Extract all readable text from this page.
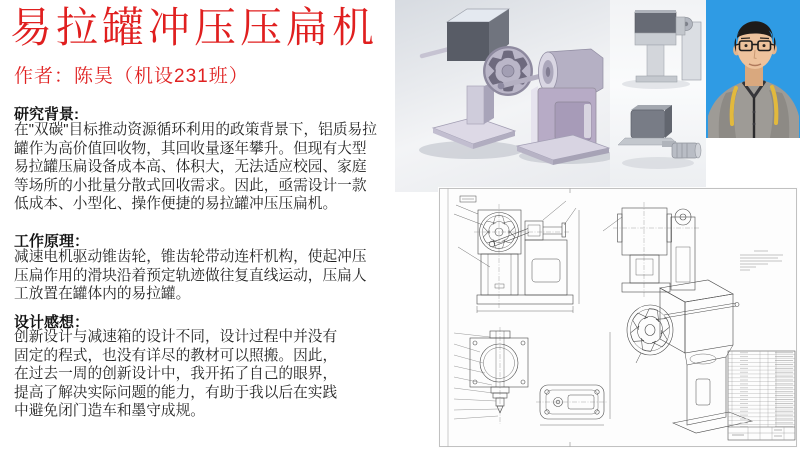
易拉罐冲压压扁机
作者：陈昊（机设231班）
研究背景:
在"双碳"目标推动资源循环利用的政策背景下，铝质易拉
罐作为高价值回收物，其回收量逐年攀升。但现有大型
易拉罐压扁设备成本高、体积大，无法适应校园、家庭
等场所的小批量分散式回收需求。因此，亟需设计一款
低成本、小型化、操作便捷的易拉罐冲压压扁机。
工作原理：
减速电机驱动锥齿轮，锥齿轮带动连杆机构，使起冲压
压扁作用的滑块沿着预定轨迹做往复直线运动，压扁人
工放置在罐体内的易拉罐。
设计感想：
创新设计与减速箱的设计不同，设计过程中并没有
固定的程式，也没有详尽的教材可以照搬。因此，
在过去一周的创新设计中，我开拓了自己的眼界，
提高了解决实际问题的能力，有助于我以后在实践
中避免闭门造车和墨守成规。
